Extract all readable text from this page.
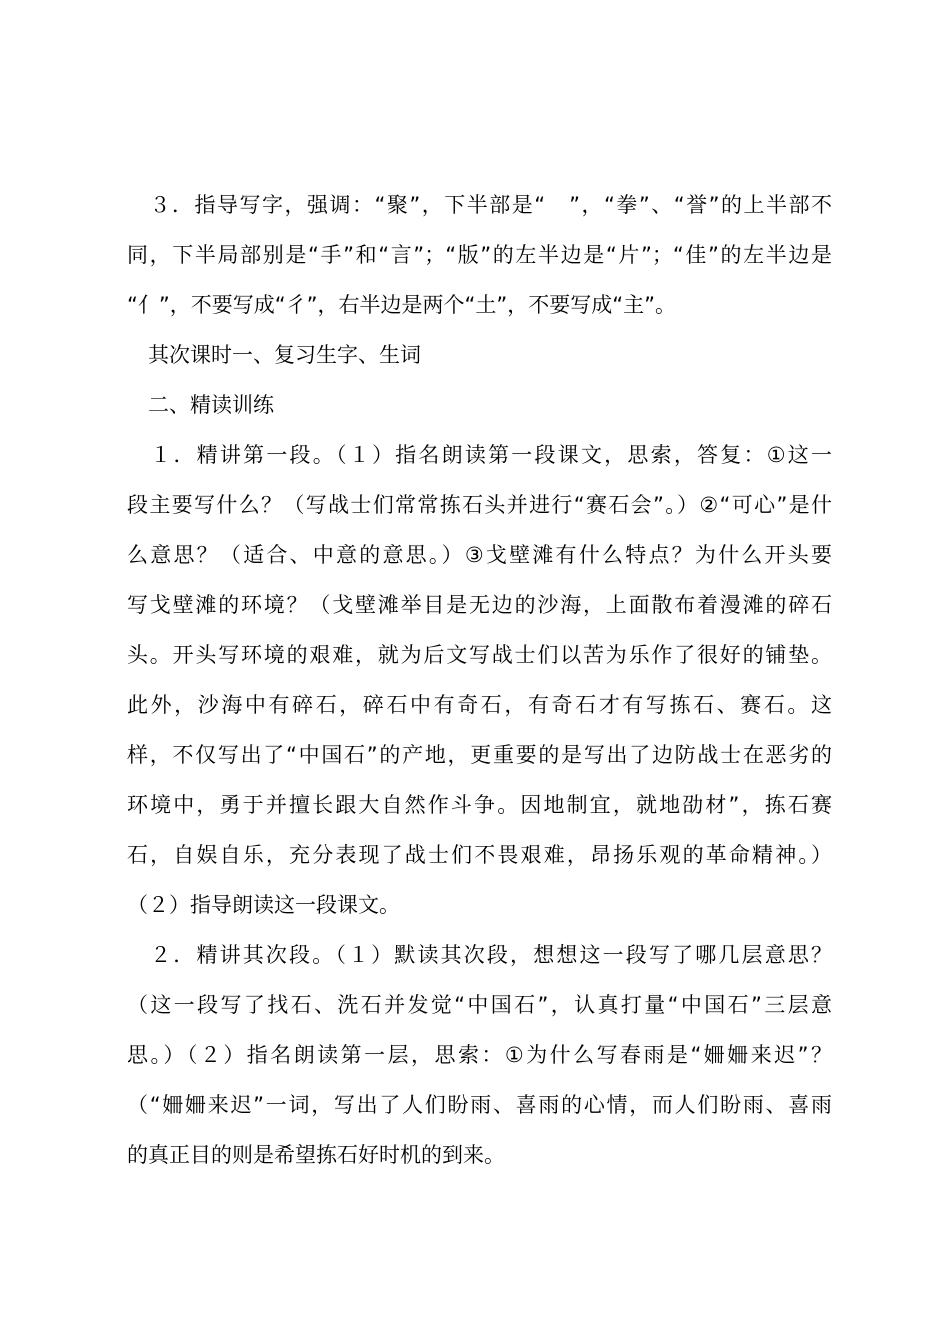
　３．指导写字，强调：“聚”，下半部是“　”，“拳”、“誉”的上半部不
同，下半局部别是“手”和“言”；“版”的左半边是“片”；“佳”的左半边是
“亻”，不要写成“彳”，右半边是两个“土”，不要写成“主”。
　其次课时一、复习生字、生词
　二、精读训练
　１．精讲第一段。（１）指名朗读第一段课文，思索，答复：①这一
段主要写什么？（写战士们常常拣石头并进行“赛石会”。）②“可心”是什
么意思？（适合、中意的意思。）③戈壁滩有什么特点？为什么开头要
写戈壁滩的环境？（戈壁滩举目是无边的沙海，上面散布着漫滩的碎石
头。开头写环境的艰难，就为后文写战士们以苦为乐作了很好的铺垫。
此外，沙海中有碎石，碎石中有奇石，有奇石才有写拣石、赛石。这
样，不仅写出了“中国石”的产地，更重要的是写出了边防战士在恶劣的
环境中，勇于并擅长跟大自然作斗争。因地制宜，就地劭材”，拣石赛
石，自娱自乐，充分表现了战士们不畏艰难，昂扬乐观的革命精神。）
（２）指导朗读这一段课文。
　２．精讲其次段。（１）默读其次段，想想这一段写了哪几层意思？
（这一段写了找石、洗石并发觉“中国石”，认真打量“中国石”三层意
思。）（２）指名朗读第一层，思索：①为什么写春雨是“姍姍来迟”？
（“姍姍来迟”一词，写出了人们盼雨、喜雨的心情，而人们盼雨、喜雨
的真正目的则是希望拣石好时机的到来。
